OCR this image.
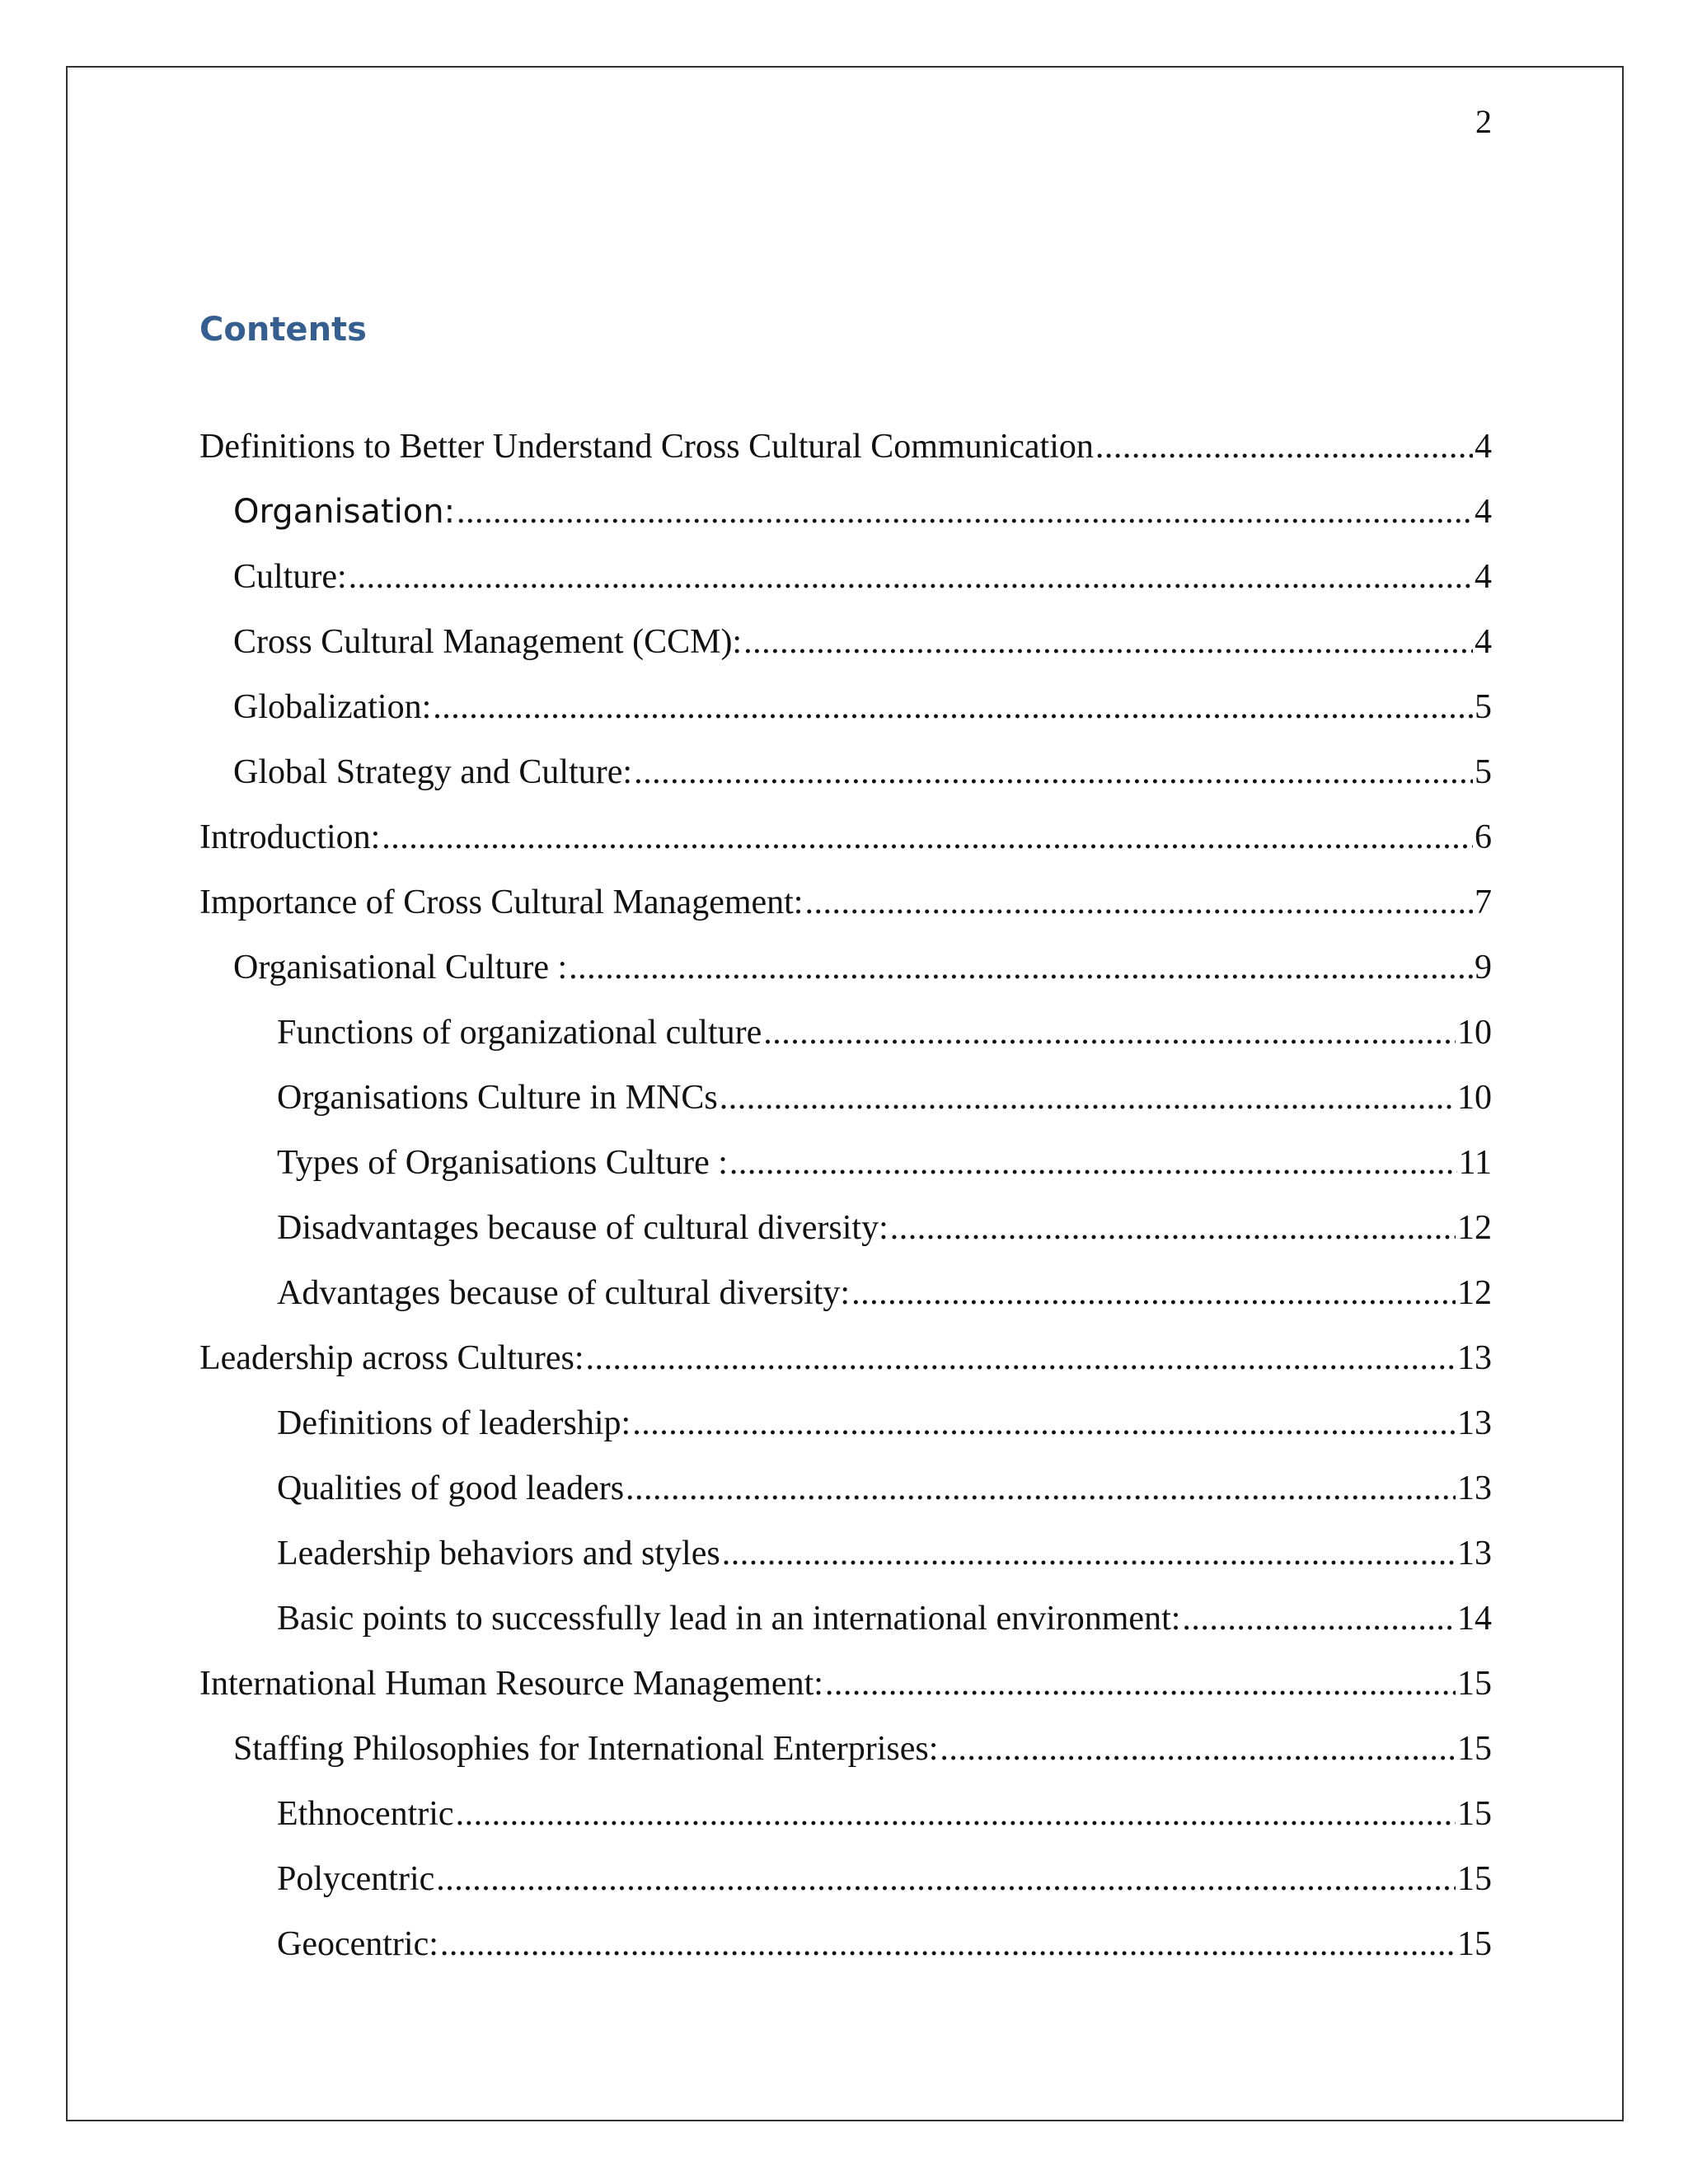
2
Contents
Definitions to Better Understand Cross Cultural Communication .....	4
Organisation: .....	4
Culture: .....	4
Cross Cultural Management (CCM): .....	4
Globalization: .....	5
Global Strategy and Culture: .....	5
Introduction: .....	6
Importance of Cross Cultural Management: .....	7
Organisational Culture : .....	9
Functions of organizational culture .....	10
Organisations Culture in MNCs .....	10
Types of Organisations Culture : .....	11
Disadvantages because of cultural diversity: .....	12
Advantages because of cultural diversity: .....	12
Leadership across Cultures: .....	13
Definitions of leadership: .....	13
Qualities of good leaders .....	13
Leadership behaviors and styles .....	13
Basic points to successfully lead in an international environment: .....	14
International Human Resource Management: .....	15
Staffing Philosophies for International Enterprises: .....	15
Ethnocentric .....	15
Polycentric .....	15
Geocentric: .....	15
